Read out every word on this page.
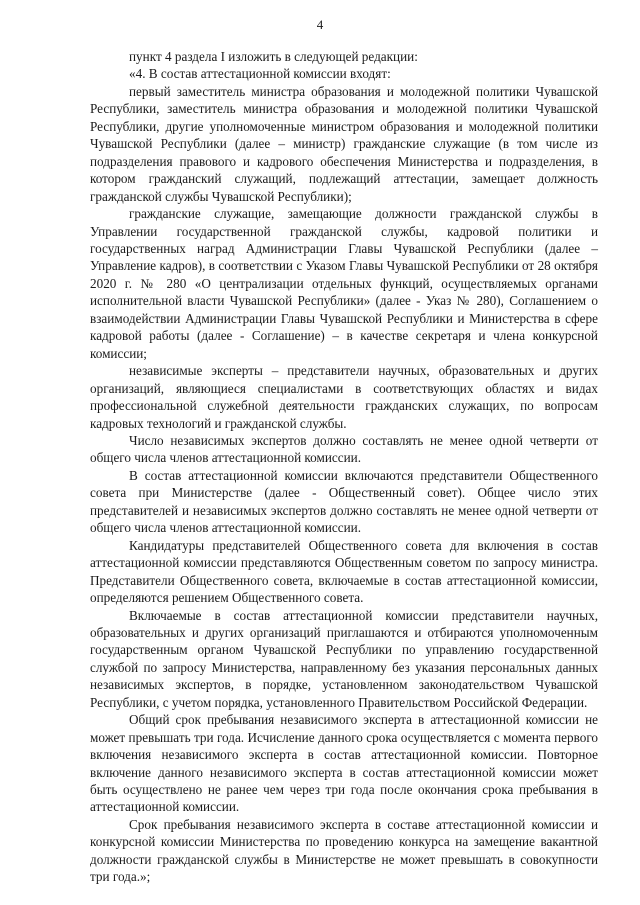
4

пункт 4 раздела I изложить в следующей редакции:

«4. В состав аттестационной комиссии входят:

первый заместитель министра образования и молодежной политики Чувашской Республики, заместитель министра образования и молодежной политики Чувашской Республики, другие уполномоченные министром образования и молодежной политики Чувашской Республики (далее – министр) гражданские служащие (в том числе из подразделения правового и кадрового обеспечения Министерства и подразделения, в котором гражданский служащий, подлежащий аттестации, замещает должность гражданской службы Чувашской Республики);

гражданские служащие, замещающие должности гражданской службы в Управлении государственной гражданской службы, кадровой политики и государственных наград Администрации Главы Чувашской Республики (далее – Управление кадров), в соответствии с Указом Главы Чувашской Республики от 28 октября 2020 г. № 280 «О централизации отдельных функций, осуществляемых органами исполнительной власти Чувашской Республики» (далее - Указ № 280), Соглашением о взаимодействии Администрации Главы Чувашской Республики и Министерства в сфере кадровой работы (далее - Соглашение) – в качестве секретаря и члена конкурсной комиссии;

независимые эксперты – представители научных, образовательных и других организаций, являющиеся специалистами в соответствующих областях и видах профессиональной служебной деятельности гражданских служащих, по вопросам кадровых технологий и гражданской службы.

Число независимых экспертов должно составлять не менее одной четверти от общего числа членов аттестационной комиссии.

В состав аттестационной комиссии включаются представители Общественного совета при Министерстве (далее - Общественный совет). Общее число этих представителей и независимых экспертов должно составлять не менее одной четверти от общего числа членов аттестационной комиссии.

Кандидатуры представителей Общественного совета для включения в состав аттестационной комиссии представляются Общественным советом по запросу министра. Представители Общественного совета, включаемые в состав аттестационной комиссии, определяются решением Общественного совета.

Включаемые в состав аттестационной комиссии представители научных, образовательных и других организаций приглашаются и отбираются уполномоченным государственным органом Чувашской Республики по управлению государственной службой по запросу Министерства, направленному без указания персональных данных независимых экспертов, в порядке, установленном законодательством Чувашской Республики, с учетом порядка, установленного Правительством Российской Федерации.

Общий срок пребывания независимого эксперта в аттестационной комиссии не может превышать три года. Исчисление данного срока осуществляется с момента первого включения независимого эксперта в состав аттестационной комиссии. Повторное включение данного независимого эксперта в состав аттестационной комиссии может быть осуществлено не ранее чем через три года после окончания срока пребывания в аттестационной комиссии.

Срок пребывания независимого эксперта в составе аттестационной комиссии и конкурсной комиссии Министерства по проведению конкурса на замещение вакантной должности гражданской службы в Министерстве не может превышать в совокупности три года.»;
